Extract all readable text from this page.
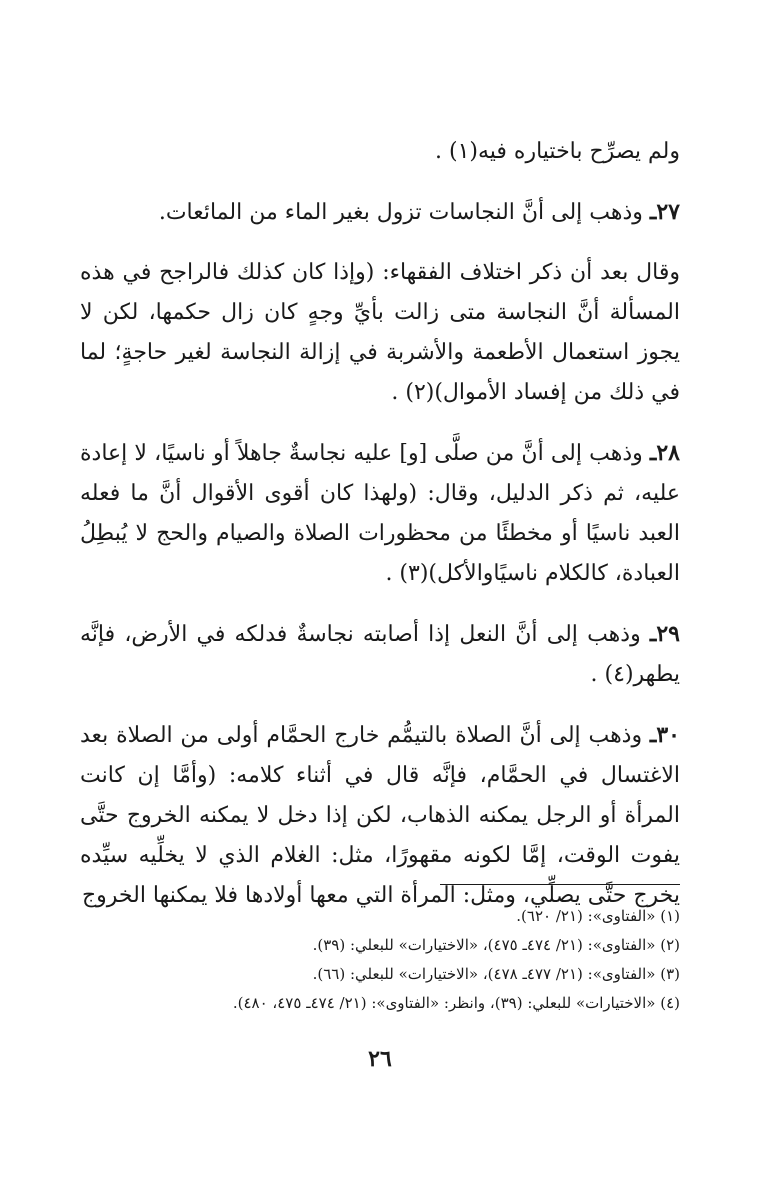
ولم يصرِّح باختياره فيه(١) .

٢٧ـ وذهب إلى أنَّ النجاسات تزول بغير الماء من المائعات.

وقال بعد أن ذكر اختلاف الفقهاء: (وإذا كان كذلك فالراجح في هذه المسألة أنَّ النجاسة متى زالت بأيِّ وجهٍ كان زال حكمها، لكن لا يجوز استعمال الأطعمة والأشربة في إزالة النجاسة لغير حاجةٍ؛ لما في ذلك من إفساد الأموال)(٢) .

٢٨ـ وذهب إلى أنَّ من صلَّى [و] عليه نجاسةٌ جاهلاً أو ناسيًا، لا إعادة عليه، ثم ذكر الدليل، وقال: (ولهذا كان أقوى الأقوال أنَّ ما فعله العبد ناسيًا أو مخطئًا من محظورات الصلاة والصيام والحج لا يُبطِلُ العبادة، كالكلام ناسيًاوالأكل)(٣) .

٢٩ـ وذهب إلى أنَّ النعل إذا أصابته نجاسةٌ فدلكه في الأرض، فإنَّه يطهر(٤) .

٣٠ـ وذهب إلى أنَّ الصلاة بالتيمُّم خارج الحمَّام أولى من الصلاة بعد الاغتسال في الحمَّام، فإنَّه قال في أثناء كلامه: (وأمَّا إن كانت المرأة أو الرجل يمكنه الذهاب، لكن إذا دخل لا يمكنه الخروج حتَّى يفوت الوقت، إمَّا لكونه مقهورًا، مثل: الغلام الذي لا يخلِّيه سيِّده يخرج حتَّى يصلِّي، ومثل: المرأة التي معها أولادها فلا يمكنها الخروج

(١) «الفتاوى»: (٢١/ ٦٢٠).

(٢) «الفتاوى»: (٢١/ ٤٧٤ـ ٤٧٥)، «الاختيارات» للبعلي: (٣٩).

(٣) «الفتاوى»: (٢١/ ٤٧٧ـ ٤٧٨)، «الاختيارات» للبعلي: (٦٦).

(٤) «الاختيارات» للبعلي: (٣٩)، وانظر: «الفتاوى»: (٢١/ ٤٧٤ـ ٤٧٥، ٤٨٠).

٢٦
